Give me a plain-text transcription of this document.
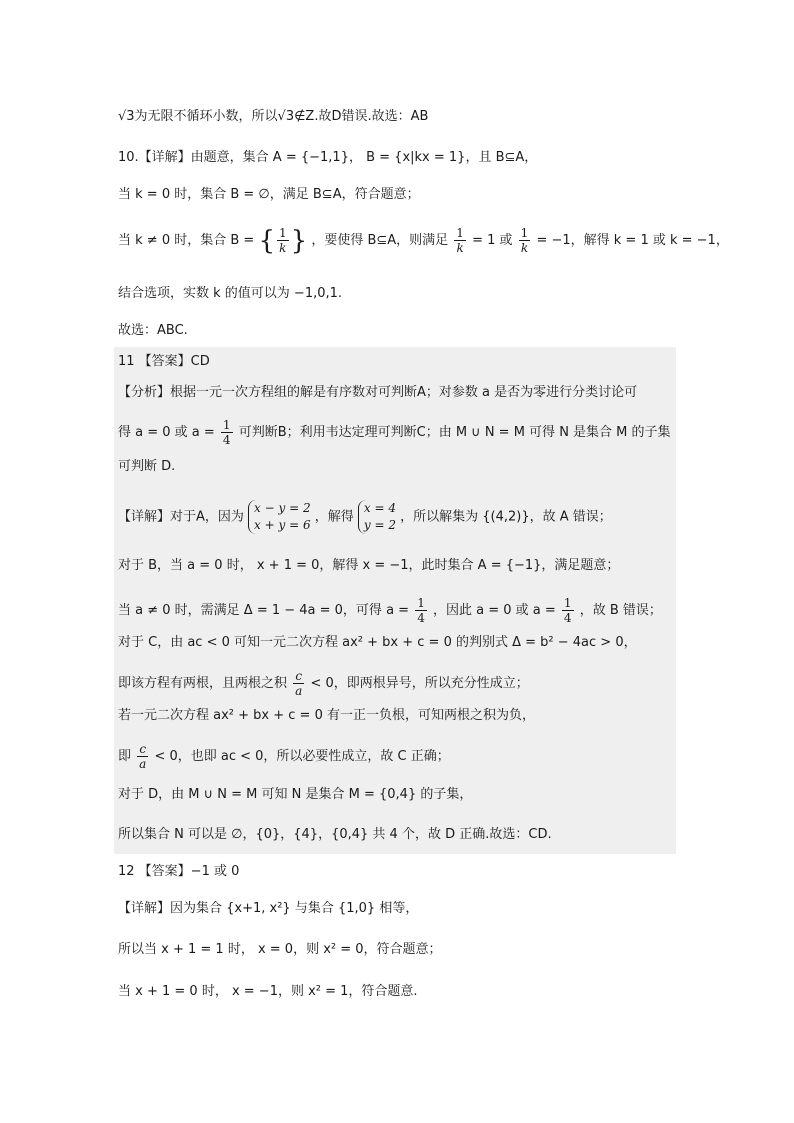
√3为无限不循环小数，所以√3∉Z.故D错误.故选：AB
10.【详解】由题意，集合 A = {−1,1}， B = {x|kx = 1}，且 B⊆A，
当 k = 0 时，集合 B = ∅，满足 B⊆A，符合题意；
当 k ≠ 0 时，集合 B = { $\frac{1}{k}$ } ，要使得 B⊆A，则满足 $\frac{1}{k} = 1$ 或 $\frac{1}{k} = -1$，解得 k = 1 或 k = −1，
结合选项，实数 k 的值可以为 −1,0,1.
故选：ABC.
11 【答案】CD
【分析】根据一元一次方程组的解是有序数对可判断A；对参数 a 是否为零进行分类讨论可
得 a = 0 或 $a = \frac{1}{4}$ 可判断B；利用韦达定理可判断C；由 M ∪ N = M 可得 N 是集合 M 的子集
可判断 D.
【详解】对于A，因为
x − y = 2
x + y = 6
，解得
x = 4
y = 2
，所以解集为 {(4,2)}，故 A 错误；
对于 B，当 a = 0 时， x + 1 = 0，解得 x = −1，此时集合 A = {−1}，满足题意；
当 a ≠ 0 时，需满足 Δ = 1 − 4a = 0，可得 $a = \frac{1}{4}$ ，因此 a = 0 或 $a = \frac{1}{4}$ ，故 B 错误；
对于 C，由 ac < 0 可知一元二次方程 ax² + bx + c = 0 的判别式 Δ = b² − 4ac > 0，
即该方程有两根，且两根之积 $\frac{c}{a} < 0$，即两根异号，所以充分性成立；
若一元二次方程 ax² + bx + c = 0 有一正一负根，可知两根之积为负，
即 $\frac{c}{a} < 0$，也即 ac < 0，所以必要性成立，故 C 正确；
对于 D，由 M ∪ N = M 可知 N 是集合 M = {0,4} 的子集，
所以集合 N 可以是 ∅，{0}，{4}，{0,4} 共 4 个，故 D 正确.故选：CD.
12 【答案】−1 或 0
【详解】因为集合 {x+1, x²} 与集合 {1,0} 相等，
所以当 x + 1 = 1 时， x = 0，则 x² = 0，符合题意；
当 x + 1 = 0 时， x = −1，则 x² = 1，符合题意.
